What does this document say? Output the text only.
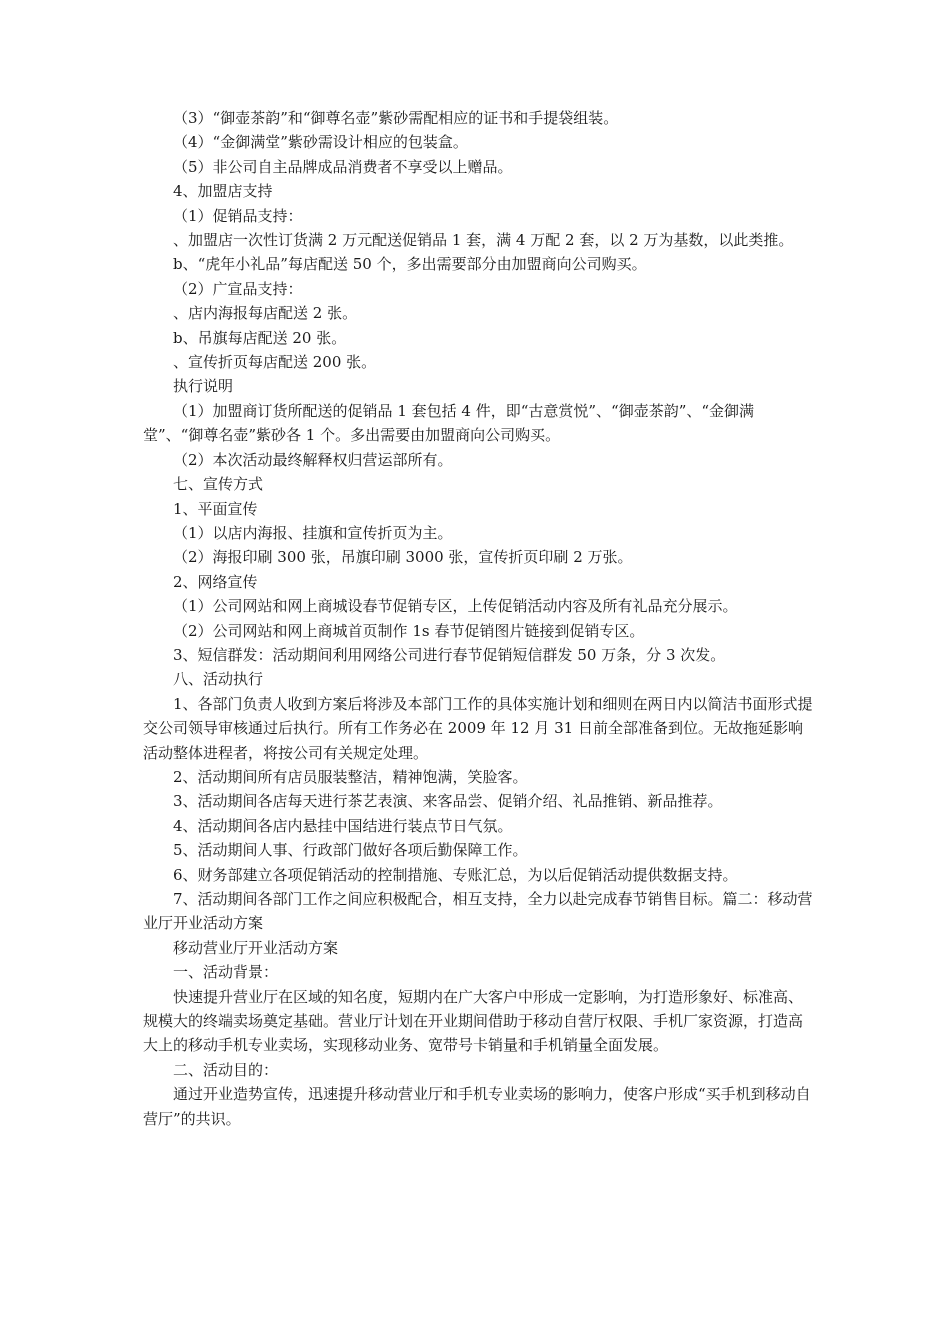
（3）“御壶茶韵”和“御尊名壶”紫砂需配相应的证书和手提袋组装。

（4）“金御满堂”紫砂需设计相应的包装盒。

（5）非公司自主品牌成品消费者不享受以上赠品。

4、加盟店支持

（1）促销品支持：

、加盟店一次性订货满 2 万元配送促销品 1 套，满 4 万配 2 套，以 2 万为基数，以此类推。

b、“虎年小礼品”每店配送 50 个，多出需要部分由加盟商向公司购买。

（2）广宣品支持：

、店内海报每店配送 2 张。

b、吊旗每店配送 20 张。

、宣传折页每店配送 200 张。

执行说明

（1）加盟商订货所配送的促销品 1 套包括 4 件，即“古意赏悦”、“御壶茶韵”、“金御满堂”、“御尊名壶”紫砂各 1 个。多出需要由加盟商向公司购买。

（2）本次活动最终解释权归营运部所有。

七、宣传方式

1、平面宣传

（1）以店内海报、挂旗和宣传折页为主。

（2）海报印刷 300 张，吊旗印刷 3000 张，宣传折页印刷 2 万张。

2、网络宣传

（1）公司网站和网上商城设春节促销专区，上传促销活动内容及所有礼品充分展示。

（2）公司网站和网上商城首页制作 1s 春节促销图片链接到促销专区。

3、短信群发：活动期间利用网络公司进行春节促销短信群发 50 万条，分 3 次发。

八、活动执行

1、各部门负责人收到方案后将涉及本部门工作的具体实施计划和细则在两日内以简洁书面形式提交公司领导审核通过后执行。所有工作务必在 2009 年 12 月 31 日前全部准备到位。无故拖延影响活动整体进程者，将按公司有关规定处理。

2、活动期间所有店员服装整洁，精神饱满，笑脸客。

3、活动期间各店每天进行茶艺表演、来客品尝、促销介绍、礼品推销、新品推荐。

4、活动期间各店内悬挂中国结进行装点节日气氛。

5、活动期间人事、行政部门做好各项后勤保障工作。

6、财务部建立各项促销活动的控制措施、专账汇总，为以后促销活动提供数据支持。

7、活动期间各部门工作之间应积极配合，相互支持，全力以赴完成春节销售目标。篇二：移动营业厅开业活动方案

移动营业厅开业活动方案

一、活动背景：

快速提升营业厅在区域的知名度，短期内在广大客户中形成一定影响，为打造形象好、标准高、规模大的终端卖场奠定基础。营业厅计划在开业期间借助于移动自营厅权限、手机厂家资源，打造高大上的移动手机专业卖场，实现移动业务、宽带号卡销量和手机销量全面发展。

二、活动目的：

通过开业造势宣传，迅速提升移动营业厅和手机专业卖场的影响力，使客户形成“买手机到移动自营厅”的共识。
